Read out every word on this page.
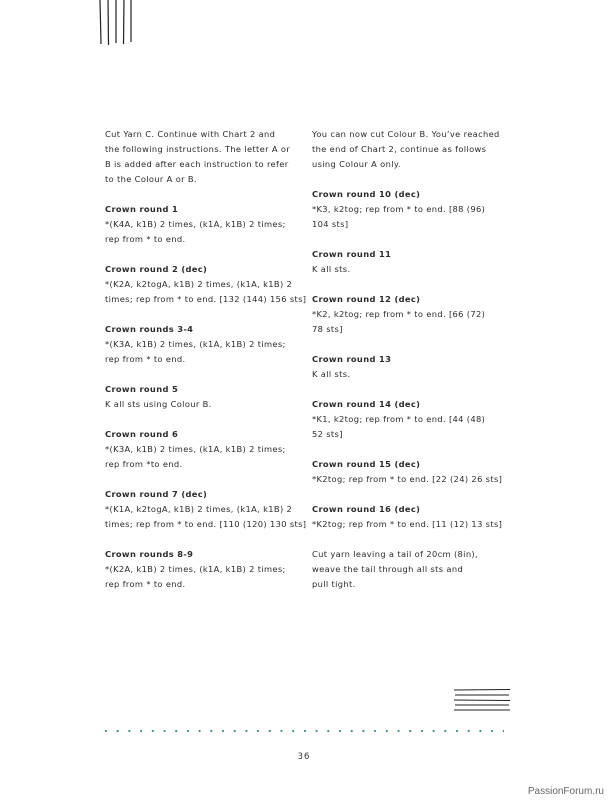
Cut Yarn C. Continue with Chart 2 and
the following instructions. The letter A or
B is added after each instruction to refer
to the Colour A or B.
Crown round 1
*(K4A, k1B) 2 times, (k1A, k1B) 2 times;
rep from * to end.
Crown round 2 (dec)
*(K2A, k2togA, k1B) 2 times, (k1A, k1B) 2
times; rep from * to end. [132 (144) 156 sts]
Crown rounds 3-4
*(K3A, k1B) 2 times, (k1A, k1B) 2 times;
rep from * to end.
Crown round 5
K all sts using Colour B.
Crown round 6
*(K3A, k1B) 2 times, (k1A, k1B) 2 times;
rep from *to end.
Crown round 7 (dec)
*(K1A, k2togA, k1B) 2 times, (k1A, k1B) 2
times; rep from * to end. [110 (120) 130 sts]
Crown rounds 8-9
*(K2A, k1B) 2 times, (k1A, k1B) 2 times;
rep from * to end.
You can now cut Colour B. You’ve reached
the end of Chart 2, continue as follows
using Colour A only.
Crown round 10 (dec)
*K3, k2tog; rep from * to end. [88 (96)
104 sts]
Crown round 11
K all sts.
Crown round 12 (dec)
*K2, k2tog; rep from * to end. [66 (72)
78 sts]
Crown round 13
K all sts.
Crown round 14 (dec)
*K1, k2tog; rep from * to end. [44 (48)
52 sts]
Crown round 15 (dec)
*K2tog; rep from * to end. [22 (24) 26 sts]
Crown round 16 (dec)
*K2tog; rep from * to end. [11 (12) 13 sts]
Cut yarn leaving a tail of 20cm (8in),
weave the tail through all sts and
pull tight.
36
PassionForum.ru
